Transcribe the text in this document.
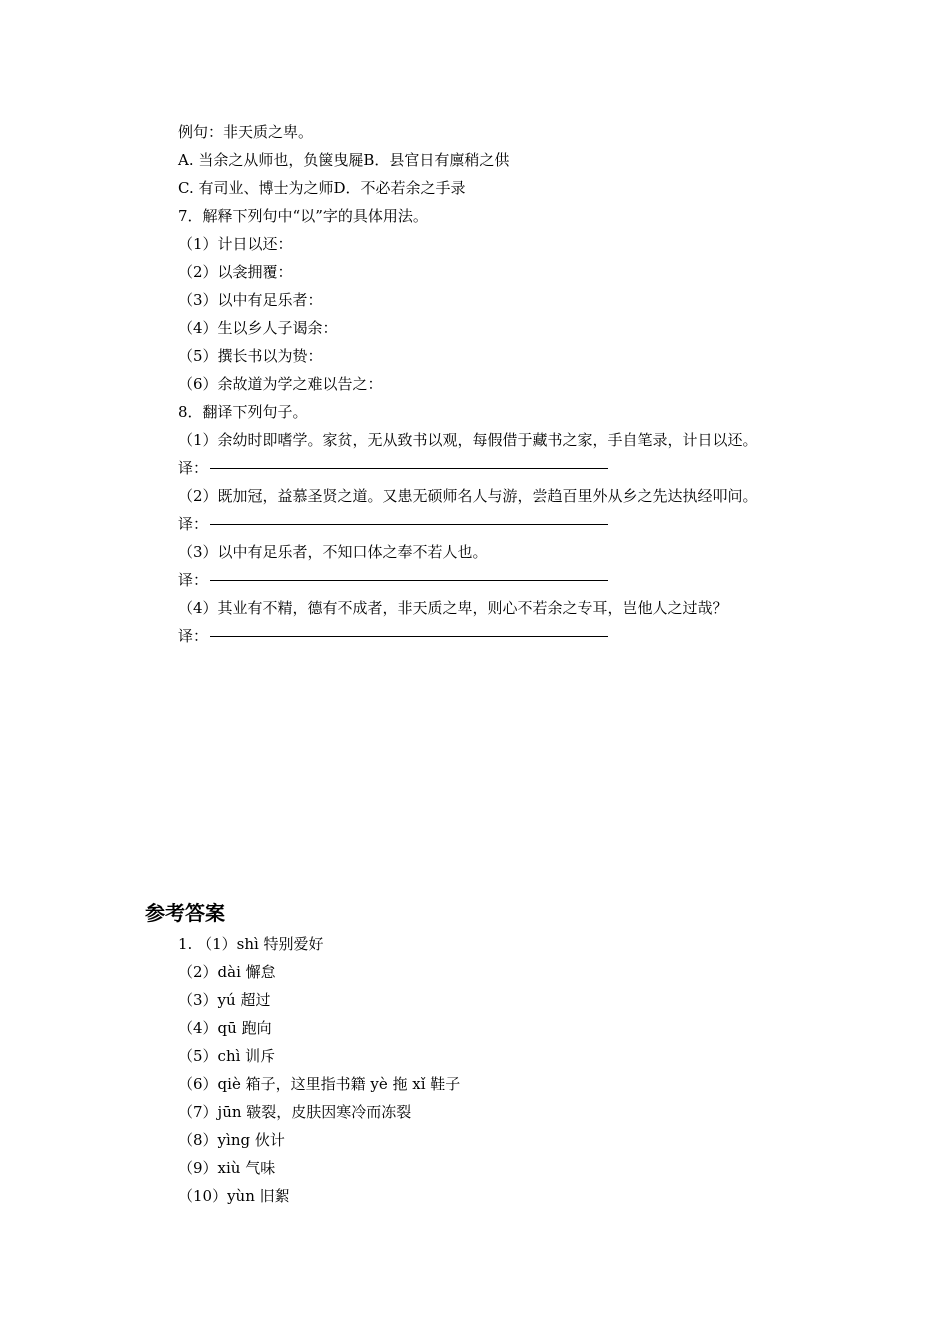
例句：非天质之卑。
A. 当余之从师也，负箧曳屣B．县官日有廪稍之供
C. 有司业、博士为之师D．不必若余之手录
7．解释下列句中“以”字的具体用法。
（1）计日以还：
（2）以衾拥覆：
（3）以中有足乐者：
（4）生以乡人子谒余：
（5）撰长书以为贽：
（6）余故道为学之难以告之：
8．翻译下列句子。
（1）余幼时即嗜学。家贫，无从致书以观，每假借于藏书之家，手自笔录，计日以还。
译：
（2）既加冠，益慕圣贤之道。又患无硕师名人与游，尝趋百里外从乡之先达执经叩问。
译：
（3）以中有足乐者，不知口体之奉不若人也。
译：
（4）其业有不精，德有不成者，非天质之卑，则心不若余之专耳，岂他人之过哉？
译：
参考答案
1. （1）shì 特别爱好
（2）dài 懈怠
（3）yú 超过
（4）qū 跑向
（5）chì 训斥
（6）qiè 箱子，这里指书籍 yè 拖 xǐ 鞋子
（7）jūn 皲裂，皮肤因寒冷而冻裂
（8）yìng 伙计
（9）xiù 气味
（10）yùn 旧絮
